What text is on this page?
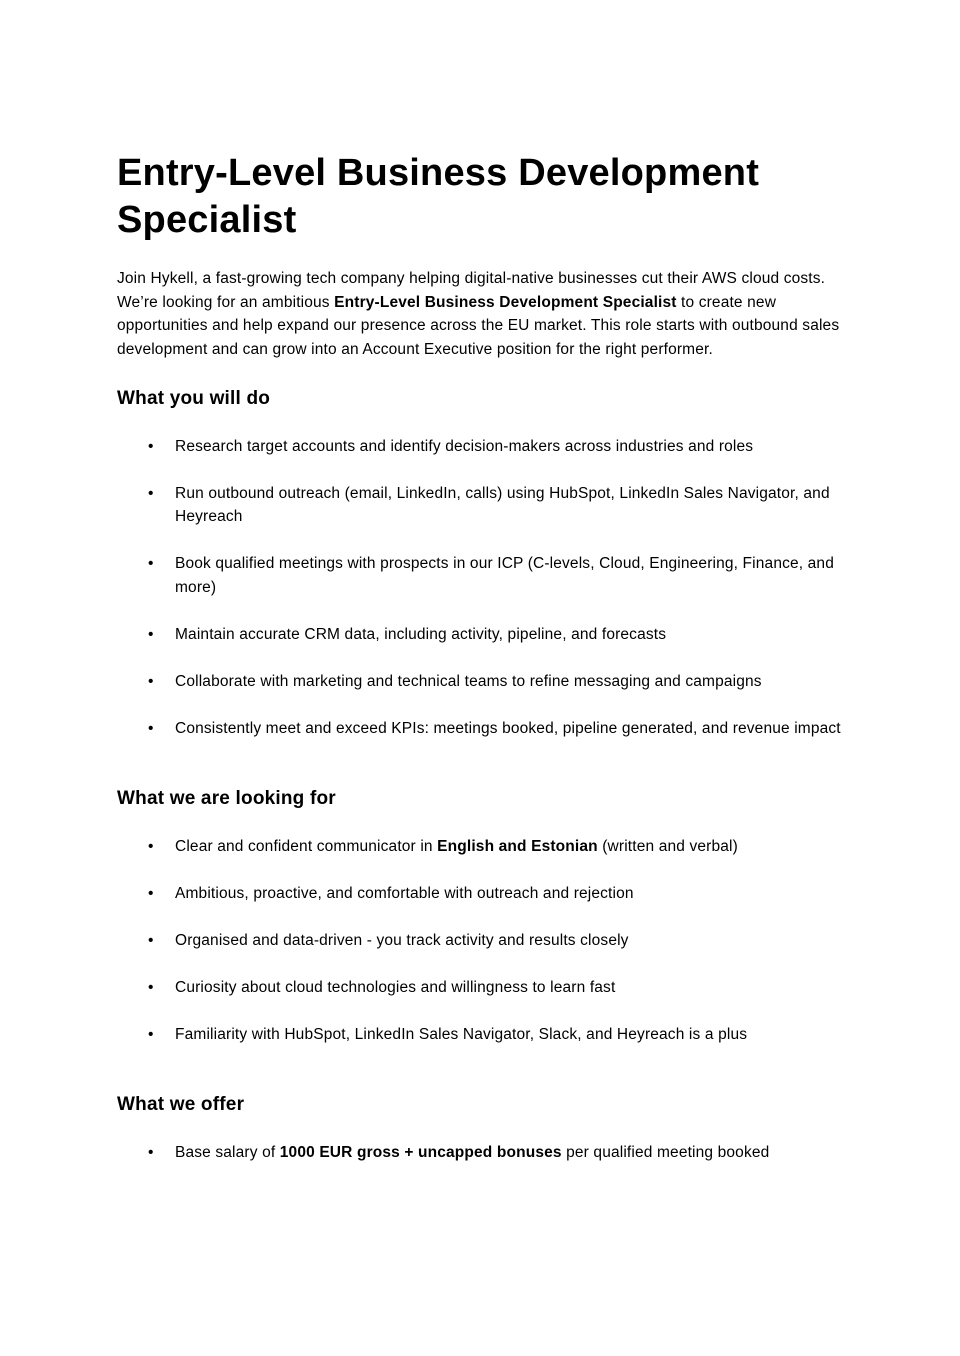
Entry-Level Business Development Specialist

Join Hykell, a fast-growing tech company helping digital-native businesses cut their AWS cloud costs. We’re looking for an ambitious Entry-Level Business Development Specialist to create new opportunities and help expand our presence across the EU market. This role starts with outbound sales development and can grow into an Account Executive position for the right performer.

What you will do
• Research target accounts and identify decision-makers across industries and roles
• Run outbound outreach (email, LinkedIn, calls) using HubSpot, LinkedIn Sales Navigator, and Heyreach
• Book qualified meetings with prospects in our ICP (C-levels, Cloud, Engineering, Finance, and more)
• Maintain accurate CRM data, including activity, pipeline, and forecasts
• Collaborate with marketing and technical teams to refine messaging and campaigns
• Consistently meet and exceed KPIs: meetings booked, pipeline generated, and revenue impact
What we are looking for
• Clear and confident communicator in English and Estonian (written and verbal)
• Ambitious, proactive, and comfortable with outreach and rejection
• Organised and data-driven - you track activity and results closely
• Curiosity about cloud technologies and willingness to learn fast
• Familiarity with HubSpot, LinkedIn Sales Navigator, Slack, and Heyreach is a plus
What we offer
• Base salary of 1000 EUR gross + uncapped bonuses per qualified meeting booked
